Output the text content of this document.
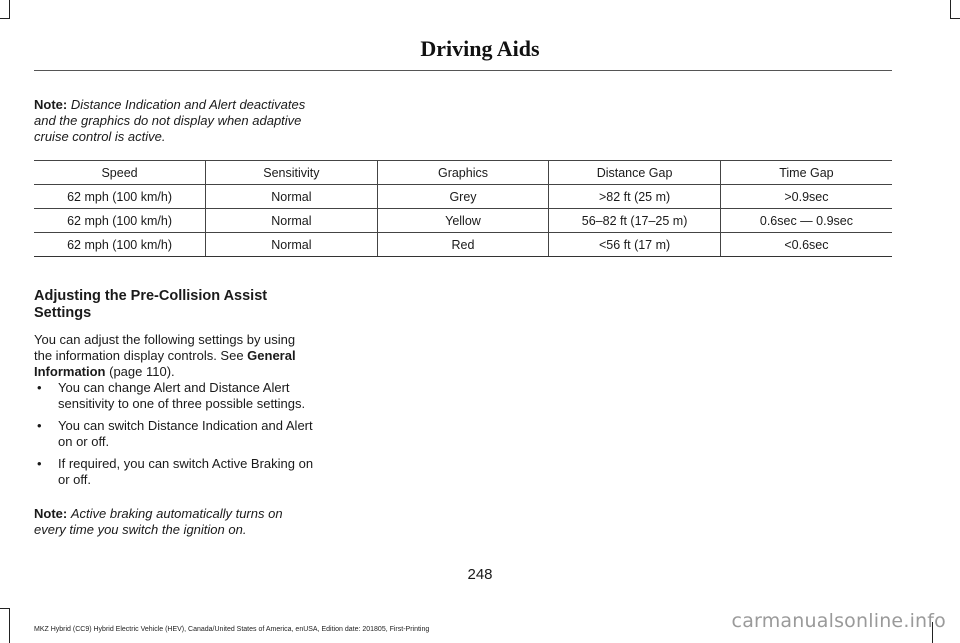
Driving Aids
Note: Distance Indication and Alert deactivates and the graphics do not display when adaptive cruise control is active.
Speed	Sensitivity	Graphics	Distance Gap	Time Gap
62 mph (100 km/h)	Normal	Grey	>82 ft (25 m)	>0.9sec
62 mph (100 km/h)	Normal	Yellow	56–82 ft (17–25 m)	0.6sec — 0.9sec
62 mph (100 km/h)	Normal	Red	<56 ft (17 m)	<0.6sec
Adjusting the Pre-Collision Assist Settings
You can adjust the following settings by using the information display controls. See General Information (page 110).
• You can change Alert and Distance Alert sensitivity to one of three possible settings.
• You can switch Distance Indication and Alert on or off.
• If required, you can switch Active Braking on or off.
Note: Active braking automatically turns on every time you switch the ignition on.
248
MKZ Hybrid (CC9) Hybrid Electric Vehicle (HEV), Canada/United States of America, enUSA, Edition date: 201805, First-Printing	carmanualsonline.info
